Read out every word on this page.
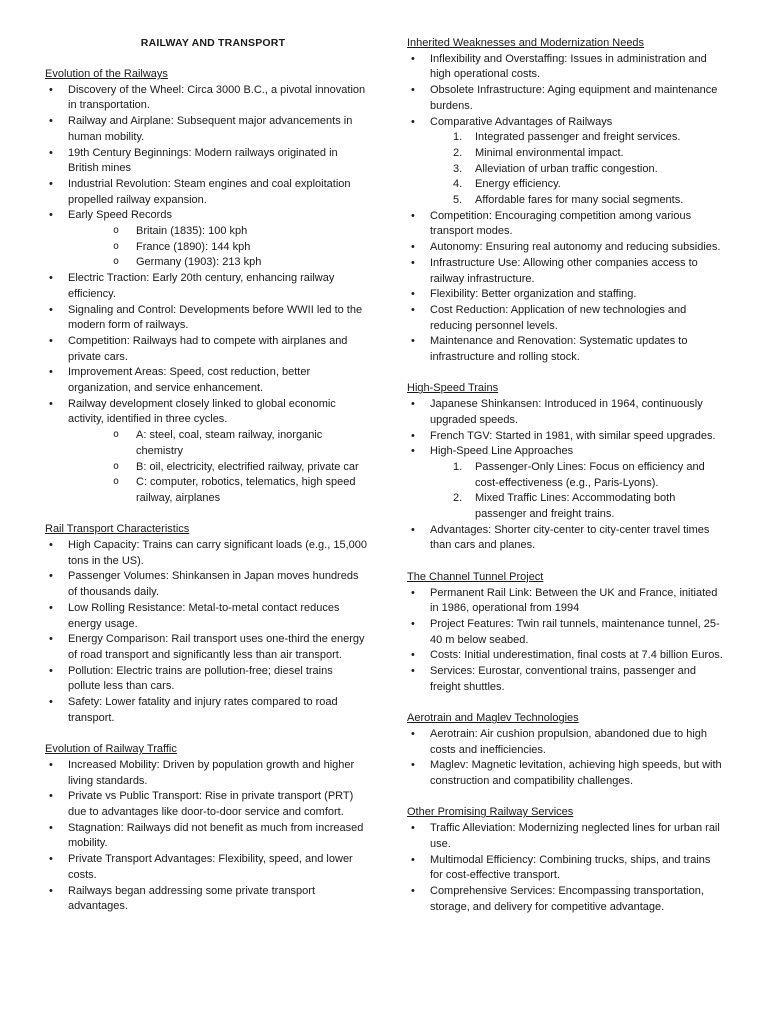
RAILWAY AND TRANSPORT
Evolution of the Railways
• Discovery of the Wheel: Circa 3000 B.C., a pivotal innovation in transportation.
• Railway and Airplane: Subsequent major advancements in human mobility.
• 19th Century Beginnings: Modern railways originated in British mines
• Industrial Revolution: Steam engines and coal exploitation propelled railway expansion.
• Early Speed Records
o Britain (1835): 100 kph
o France (1890): 144 kph
o Germany (1903): 213 kph
• Electric Traction: Early 20th century, enhancing railway efficiency.
• Signaling and Control: Developments before WWII led to the modern form of railways.
• Competition: Railways had to compete with airplanes and private cars.
• Improvement Areas: Speed, cost reduction, better organization, and service enhancement.
• Railway development closely linked to global economic activity, identified in three cycles.
o A: steel, coal, steam railway, inorganic chemistry
o B: oil, electricity, electrified railway, private car
o C: computer, robotics, telematics, high speed railway, airplanes
Rail Transport Characteristics
• High Capacity: Trains can carry significant loads (e.g., 15,000 tons in the US).
• Passenger Volumes: Shinkansen in Japan moves hundreds of thousands daily.
• Low Rolling Resistance: Metal-to-metal contact reduces energy usage.
• Energy Comparison: Rail transport uses one-third the energy of road transport and significantly less than air transport.
• Pollution: Electric trains are pollution-free; diesel trains pollute less than cars.
• Safety: Lower fatality and injury rates compared to road transport.
Evolution of Railway Traffic
• Increased Mobility: Driven by population growth and higher living standards.
• Private vs Public Transport: Rise in private transport (PRT) due to advantages like door-to-door service and comfort.
• Stagnation: Railways did not benefit as much from increased mobility.
• Private Transport Advantages: Flexibility, speed, and lower costs.
• Railways began addressing some private transport advantages.
Inherited Weaknesses and Modernization Needs
• Inflexibility and Overstaffing: Issues in administration and high operational costs.
• Obsolete Infrastructure: Aging equipment and maintenance burdens.
• Comparative Advantages of Railways
1. Integrated passenger and freight services.
2. Minimal environmental impact.
3. Alleviation of urban traffic congestion.
4. Energy efficiency.
5. Affordable fares for many social segments.
• Competition: Encouraging competition among various transport modes.
• Autonomy: Ensuring real autonomy and reducing subsidies.
• Infrastructure Use: Allowing other companies access to railway infrastructure.
• Flexibility: Better organization and staffing.
• Cost Reduction: Application of new technologies and reducing personnel levels.
• Maintenance and Renovation: Systematic updates to infrastructure and rolling stock.
High-Speed Trains
• Japanese Shinkansen: Introduced in 1964, continuously upgraded speeds.
• French TGV: Started in 1981, with similar speed upgrades.
• High-Speed Line Approaches
1. Passenger-Only Lines: Focus on efficiency and cost-effectiveness (e.g., Paris-Lyons).
2. Mixed Traffic Lines: Accommodating both passenger and freight trains.
• Advantages: Shorter city-center to city-center travel times than cars and planes.
The Channel Tunnel Project
• Permanent Rail Link: Between the UK and France, initiated in 1986, operational from 1994
• Project Features: Twin rail tunnels, maintenance tunnel, 25-40 m below seabed.
• Costs: Initial underestimation, final costs at 7.4 billion Euros.
• Services: Eurostar, conventional trains, passenger and freight shuttles.
Aerotrain and Maglev Technologies
• Aerotrain: Air cushion propulsion, abandoned due to high costs and inefficiencies.
• Maglev: Magnetic levitation, achieving high speeds, but with construction and compatibility challenges.
Other Promising Railway Services
• Traffic Alleviation: Modernizing neglected lines for urban rail use.
• Multimodal Efficiency: Combining trucks, ships, and trains for cost-effective transport.
• Comprehensive Services: Encompassing transportation, storage, and delivery for competitive advantage.
